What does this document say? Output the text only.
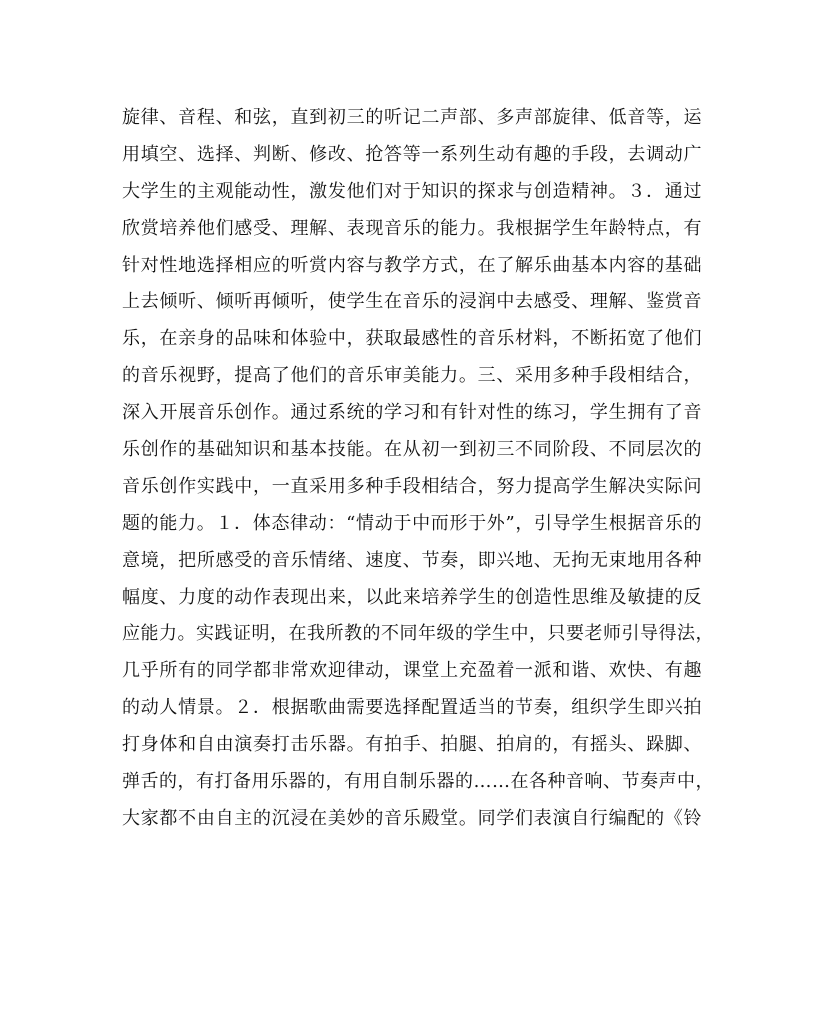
旋律、音程、和弦，直到初三的听记二声部、多声部旋律、低音等，运
用填空、选择、判断、修改、抢答等一系列生动有趣的手段，去调动广
大学生的主观能动性，激发他们对于知识的探求与创造精神。３．通过
欣赏培养他们感受、理解、表现音乐的能力。我根据学生年龄特点，有
针对性地选择相应的听赏内容与教学方式，在了解乐曲基本内容的基础
上去倾听、倾听再倾听，使学生在音乐的浸润中去感受、理解、鉴赏音
乐，在亲身的品味和体验中，获取最感性的音乐材料，不断拓宽了他们
的音乐视野，提高了他们的音乐审美能力。三、采用多种手段相结合，
深入开展音乐创作。通过系统的学习和有针对性的练习，学生拥有了音
乐创作的基础知识和基本技能。在从初一到初三不同阶段、不同层次的
音乐创作实践中，一直采用多种手段相结合，努力提高学生解决实际问
题的能力。１．体态律动：“情动于中而形于外”，引导学生根据音乐的
意境，把所感受的音乐情绪、速度、节奏，即兴地、无拘无束地用各种
幅度、力度的动作表现出来，以此来培养学生的创造性思维及敏捷的反
应能力。实践证明，在我所教的不同年级的学生中，只要老师引导得法，
几乎所有的同学都非常欢迎律动，课堂上充盈着一派和谐、欢快、有趣
的动人情景。２．根据歌曲需要选择配置适当的节奏，组织学生即兴拍
打身体和自由演奏打击乐器。有拍手、拍腿、拍肩的，有摇头、跺脚、
弹舌的，有打备用乐器的，有用自制乐器的……在各种音响、节奏声中，
大家都不由自主的沉浸在美妙的音乐殿堂。同学们表演自行编配的《铃
